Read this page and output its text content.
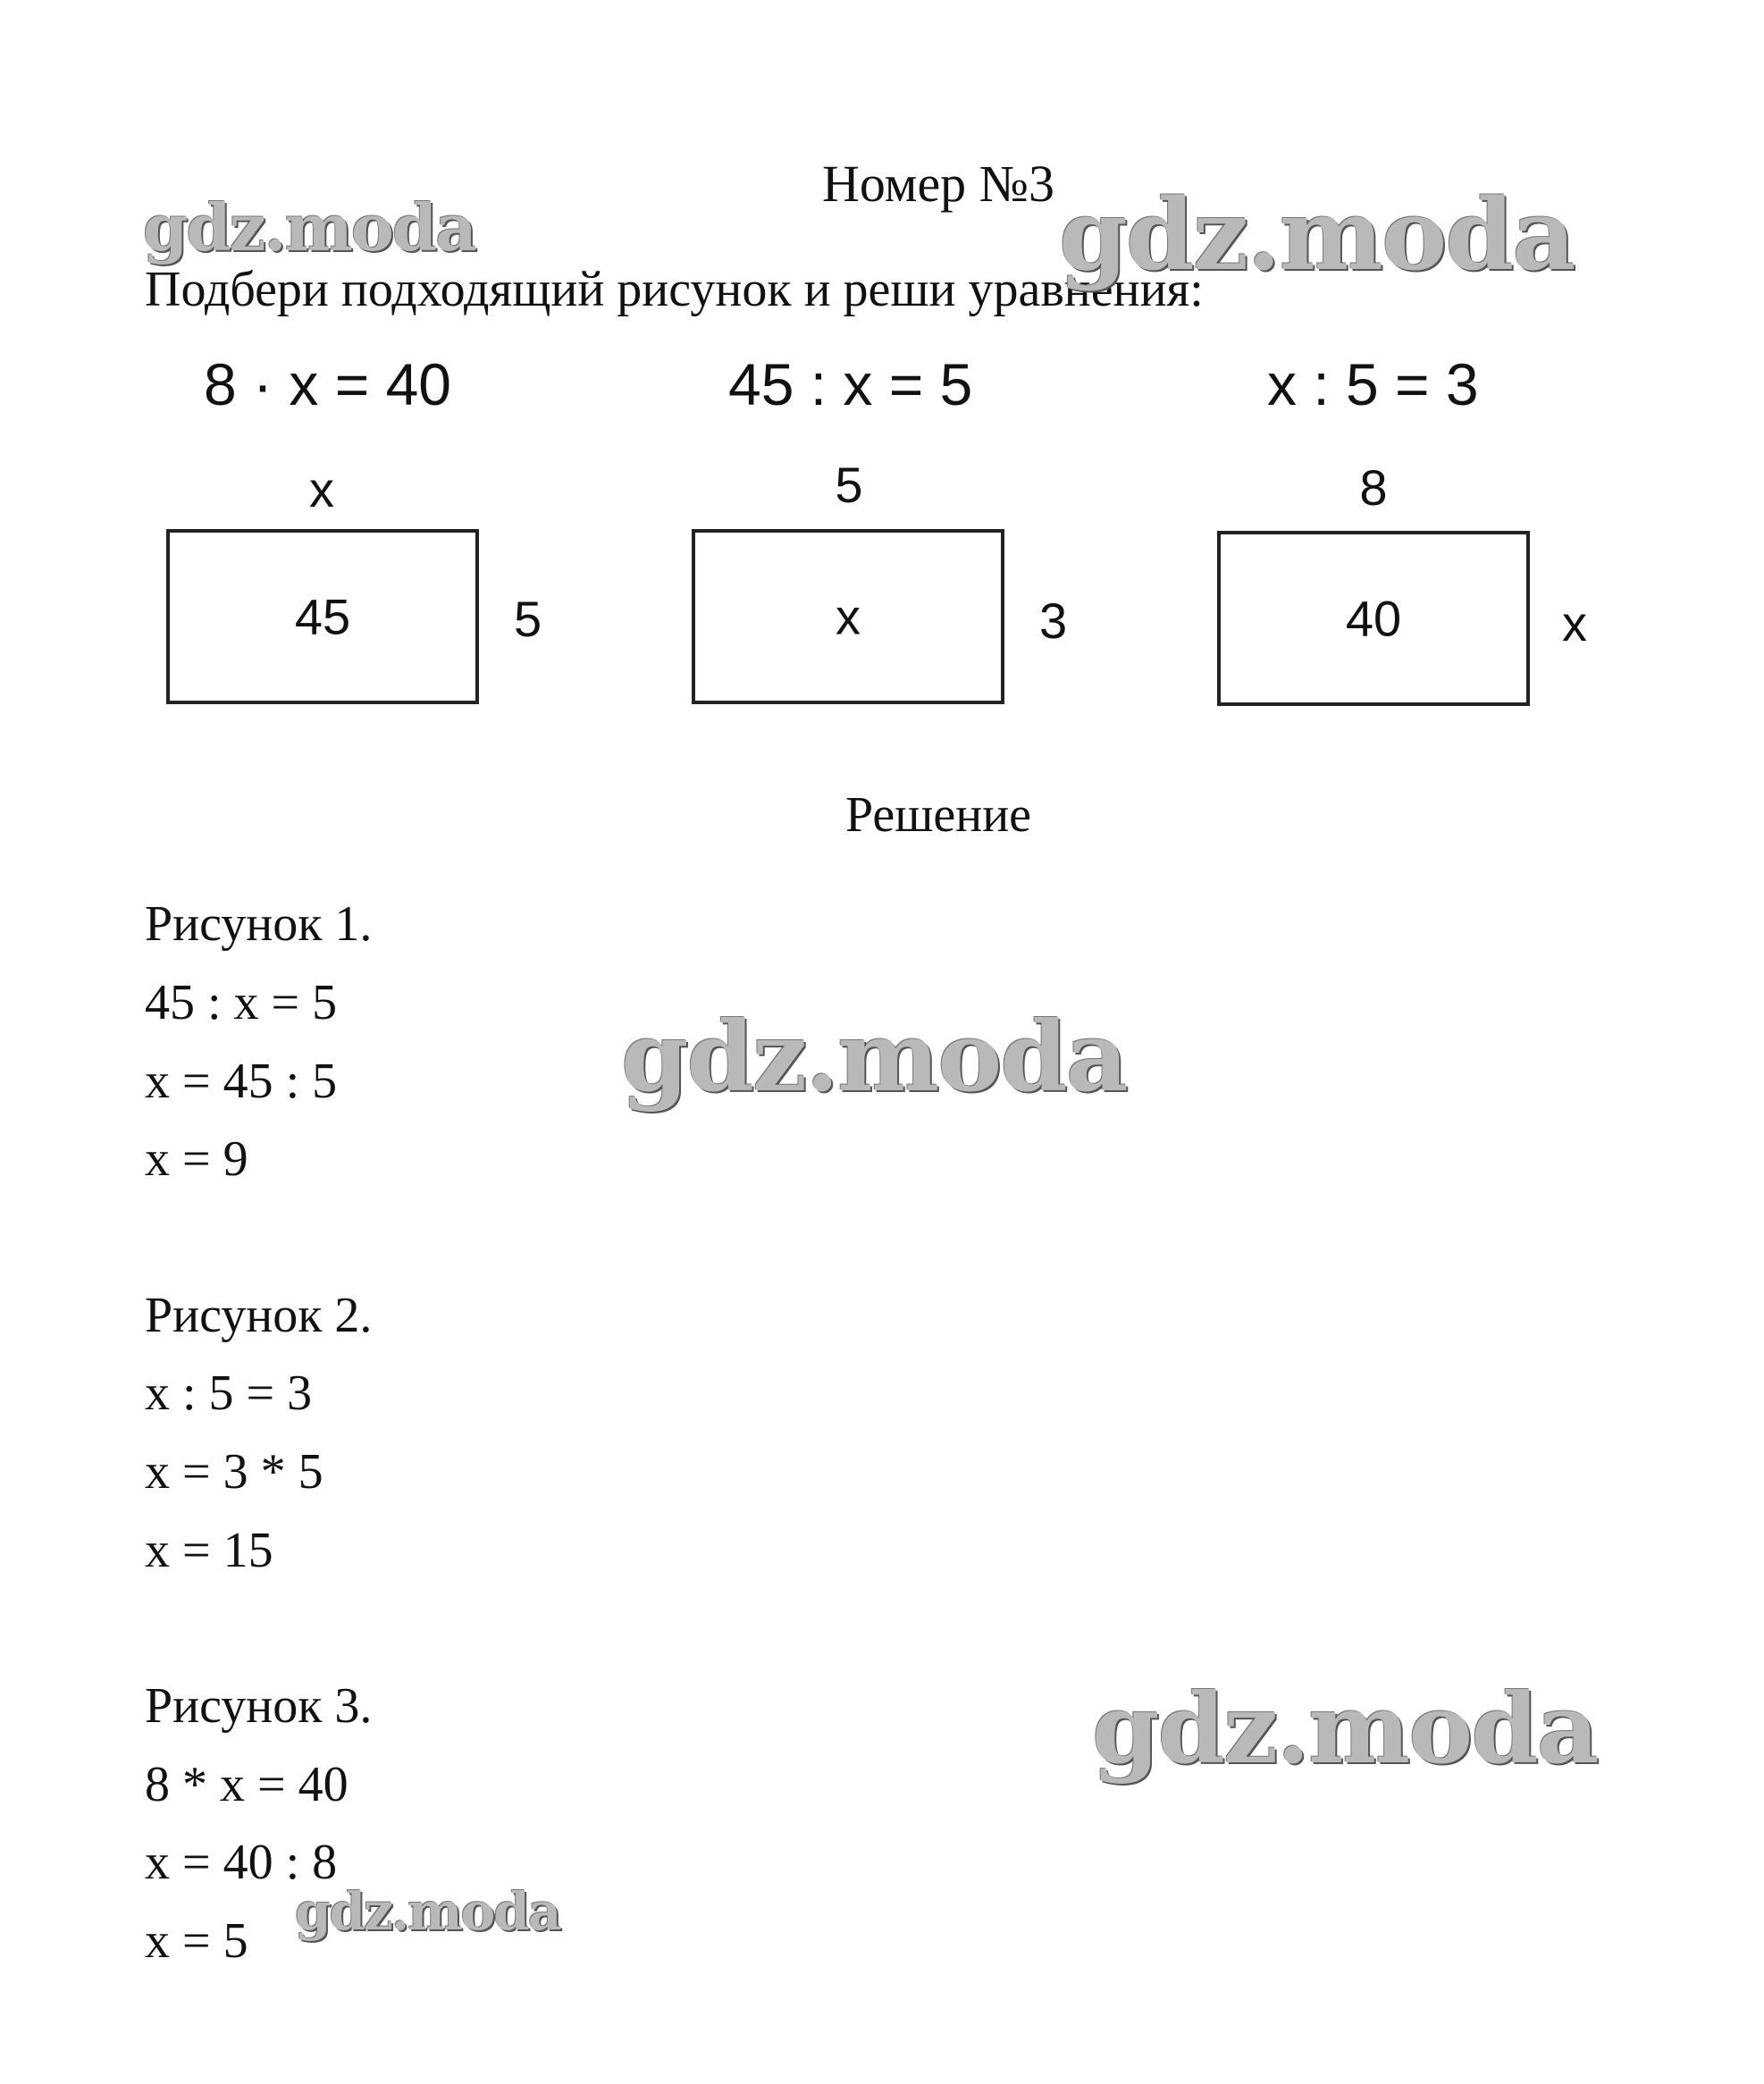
Номер №3
Подбери подходящий рисунок и реши уравнения:
8 · x = 40	45 : x = 5	x : 5 = 3
x
45	5
5
x	3
8
40	x
Решение
Рисунок 1.
45 : x = 5
x = 45 : 5
x = 9
Рисунок 2.
x : 5 = 3
x = 3 * 5
x = 15
Рисунок 3.
8 * x = 40
x = 40 : 8
x = 5
gdz.moda	gdz.moda
gdz.moda
gdz.moda
gdz.moda
